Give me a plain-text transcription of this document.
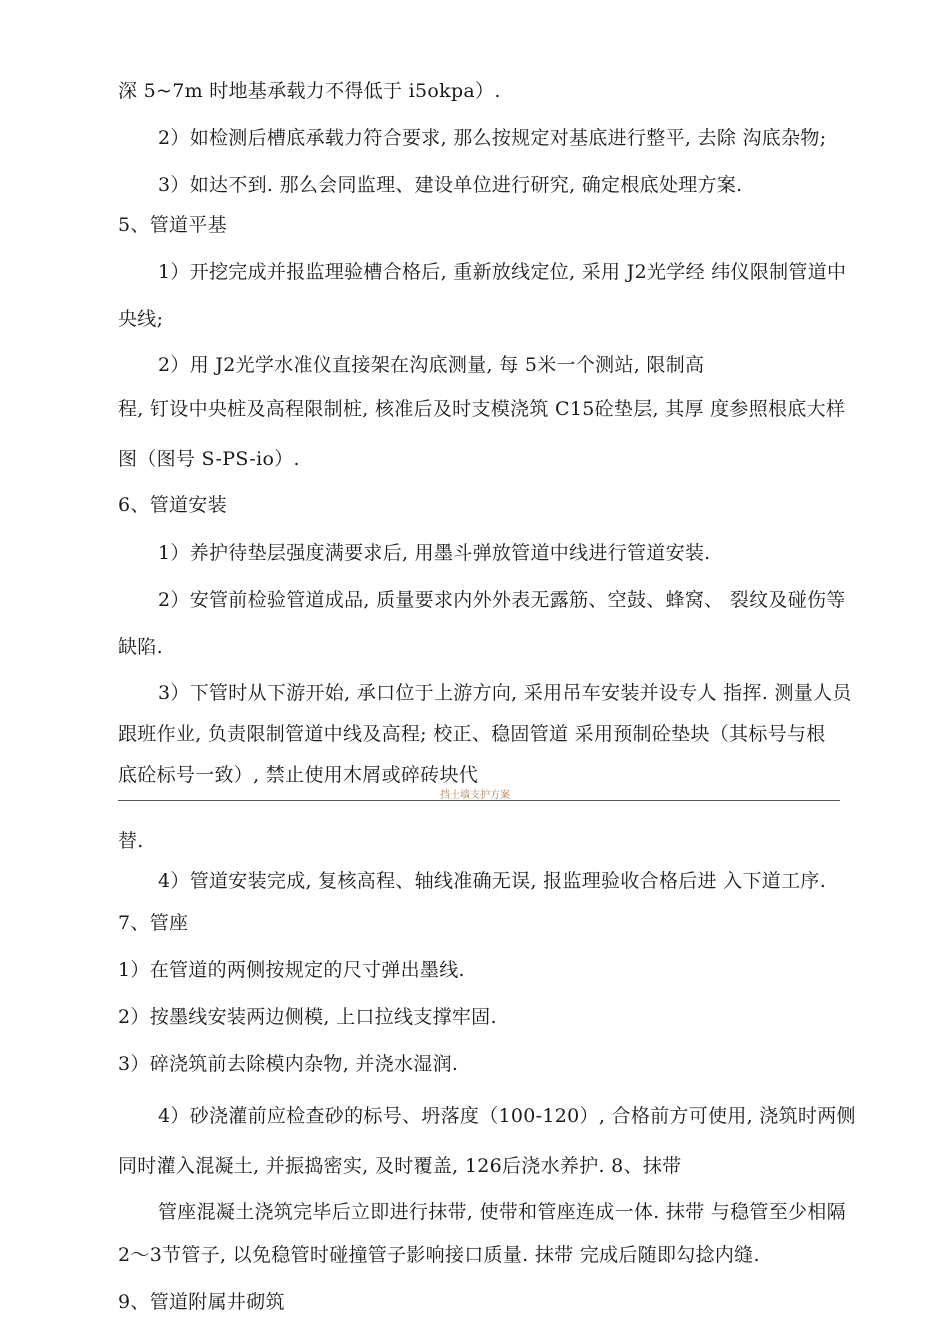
深 5~7m 时地基承载力不得低于 i5okpa）.
2）如检测后槽底承载力符合要求, 那么按规定对基底进行整平, 去除 沟底杂物;
3）如达不到. 那么会同监理、建设单位进行研究, 确定根底处理方案.
5、管道平基
1）开挖完成并报监理验槽合格后, 重新放线定位, 采用 J2光学经 纬仪限制管道中
央线;
2）用 J2光学水准仪直接架在沟底测量, 每 5米一个测站, 限制高
程, 钉设中央桩及高程限制桩, 核准后及时支模浇筑 C15砼垫层, 其厚 度参照根底大样
图（图号 S-PS-io）.
6、管道安装
1）养护待垫层强度满要求后, 用墨斗弹放管道中线进行管道安装.
2）安管前检验管道成品, 质量要求内外外表无露筋、空鼓、蜂窝、 裂纹及碰伤等
缺陷.
3）下管时从下游开始, 承口位于上游方向, 采用吊车安装并设专人 指挥. 测量人员
跟班作业, 负责限制管道中线及高程; 校正、稳固管道 采用预制砼垫块（其标号与根
底砼标号一致）, 禁止使用木屑或碎砖块代
挡土墙支护方案
替.
4）管道安装完成, 复核高程、轴线准确无误, 报监理验收合格后进 入下道工序.
7、管座
1）在管道的两侧按规定的尺寸弹出墨线.
2）按墨线安装两边侧模, 上口拉线支撑牢固.
3）碎浇筑前去除模内杂物, 并浇水湿润.
4）砂浇灌前应检查砂的标号、坍落度（100-120）, 合格前方可使用, 浇筑时两侧
同时灌入混凝土, 并振捣密实, 及时覆盖, 126后浇水养护. 8、抹带
管座混凝土浇筑完毕后立即进行抹带, 使带和管座连成一体. 抹带 与稳管至少相隔
2〜3节管子, 以免稳管时碰撞管子影响接口质量. 抹带 完成后随即勾捻内缝.
9、管道附属井砌筑
